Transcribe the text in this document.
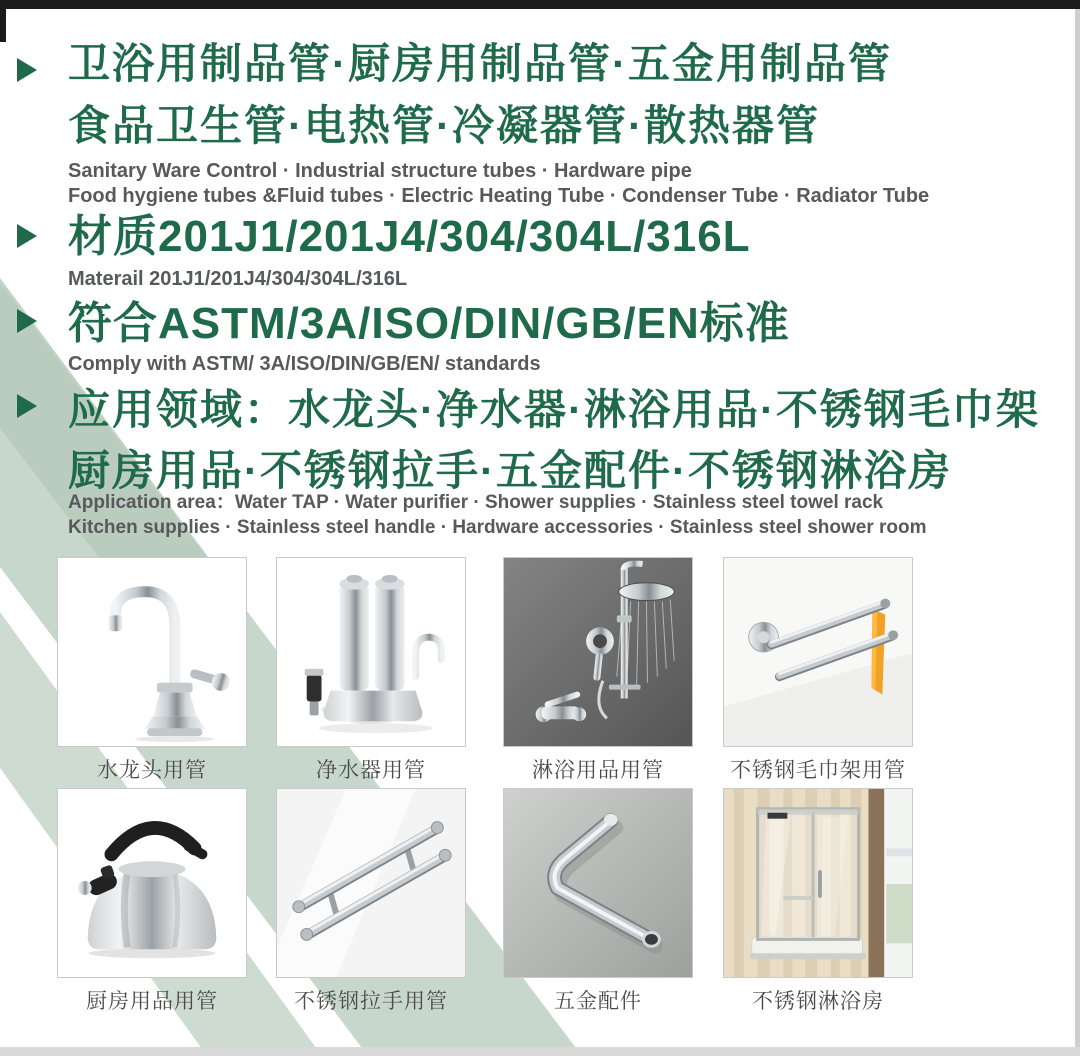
卫浴用制品管·厨房用制品管·五金用制品管
食品卫生管·电热管·冷凝器管·散热器管
Sanitary Ware Control · Industrial structure tubes · Hardware pipe
Food hygiene tubes &Fluid tubes · Electric Heating Tube · Condenser Tube · Radiator Tube
材质201J1/201J4/304/304L/316L
Materail 201J1/201J4/304/304L/316L
符合ASTM/3A/ISO/DIN/GB/EN标准
Comply with ASTM/ 3A/ISO/DIN/GB/EN/ standards
应用领域：水龙头·净水器·淋浴用品·不锈钢毛巾架
厨房用品·不锈钢拉手·五金配件·不锈钢淋浴房
Application area：Water TAP · Water purifier · Shower supplies · Stainless steel towel rack
Kitchen supplies · Stainless steel handle · Hardware accessories · Stainless steel shower room
水龙头用管	净水器用管	淋浴用品用管	不锈钢毛巾架用管
厨房用品用管	不锈钢拉手用管	五金配件	不锈钢淋浴房
